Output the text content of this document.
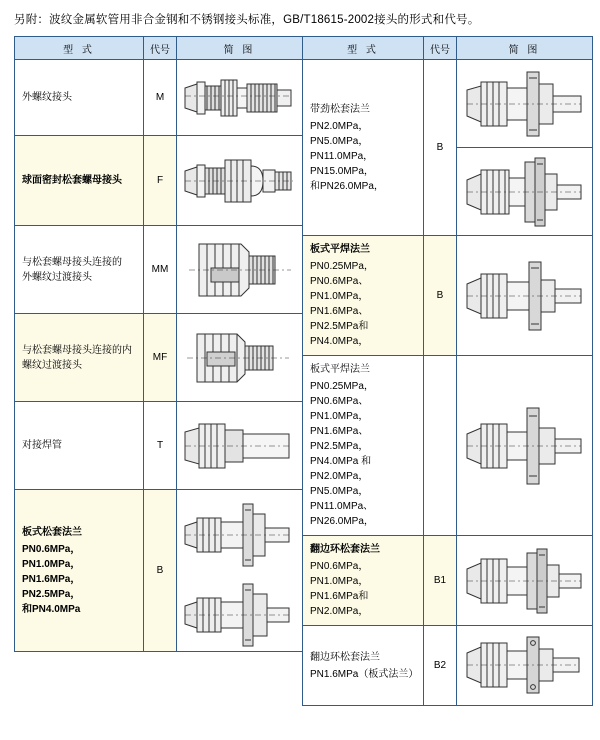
另附：波纹金属软管用非合金钢和不锈钢接头标准，GB/T18615-2002接头的形式和代号。
型 式	代号	简 图

外螺纹接头	M	

球面密封松套螺母接头	F	

与松套螺母接头连接的
外螺纹过渡接头	MM	

与松套螺母接头连接的内
螺纹过渡接头	MF	

对接焊管	T	

板式松套法兰
PN0.6MPa，PN1.0MPa，
PN1.6MPa，PN2.5MPa，
和PN4.0MPa	B	
型 式	代号	简 图

带劲松套法兰
PN2.0MPa，PN5.0MPa，
PN11.0MPa，PN15.0MPa，
和PN26.0MPa，	B	

板式平焊法兰
PN0.25MPa，PN0.6MPa、
PN1.0MPa，PN1.6MPa、
PN2.5MPa和PN4.0MPa，	B	

板式平焊法兰
PN0.25MPa，PN0.6MPa、
PN1.0MPa，PN1.6MPa、
PN2.5MPa，PN4.0MPa 和
PN2.0MPa，PN5.0MPa，
PN11.0MPa、PN26.0MPa，

翻边环松套法兰
PN0.6MPa，PN1.0MPa，
PN1.6MPa和PN2.0MPa，	B1	

翻边环松套法兰
PN1.6MPa（板式法兰）	B2	
